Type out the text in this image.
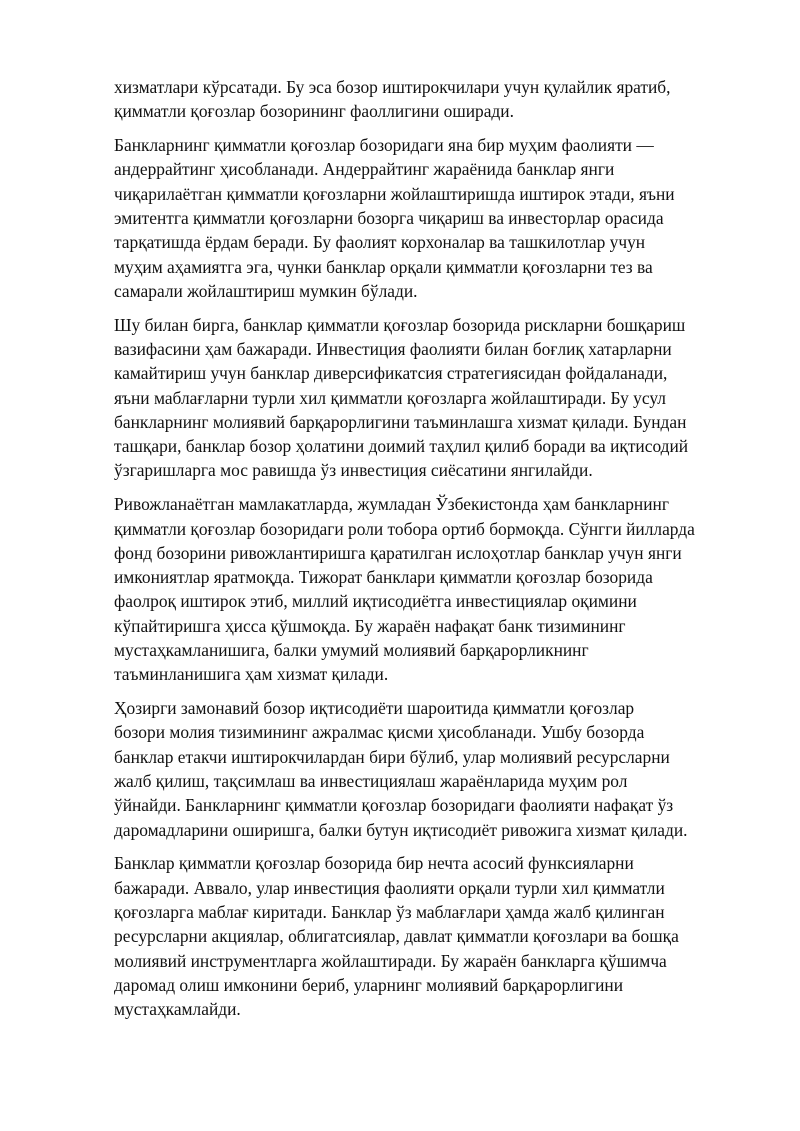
хизматлари кўрсатади. Бу эса бозор иштирокчилари учун қулайлик яратиб,
қимматли қоғозлар бозорининг фаоллигини оширади.

Банкларнинг қимматли қоғозлар бозоридаги яна бир муҳим фаолияти —
андеррайтинг ҳисобланади. Андеррайтинг жараёнида банклар янги
чиқарилаётган қимматли қоғозларни жойлаштиришда иштирок этади, яъни
эмитентга қимматли қоғозларни бозорга чиқариш ва инвесторлар орасида
тарқатишда ёрдам беради. Бу фаолият корхоналар ва ташкилотлар учун
муҳим аҳамиятга эга, чунки банклар орқали қимматли қоғозларни тез ва
самарали жойлаштириш мумкин бўлади.

Шу билан бирга, банклар қимматли қоғозлар бозорида рискларни бошқариш
вазифасини ҳам бажаради. Инвестиция фаолияти билан боғлиқ хатарларни
камайтириш учун банклар диверсификатсия стратегиясидан фойдаланади,
яъни маблағларни турли хил қимматли қоғозларга жойлаштиради. Бу усул
банкларнинг молиявий барқарорлигини таъминлашга хизмат қилади. Бундан
ташқари, банклар бозор ҳолатини доимий таҳлил қилиб боради ва иқтисодий
ўзгаришларга мос равишда ўз инвестиция сиёсатини янгилайди.

Ривожланаётган мамлакатларда, жумладан Ўзбекистонда ҳам банкларнинг
қимматли қоғозлар бозоридаги роли тобора ортиб бормоқда. Сўнгги йилларда
фонд бозорини ривожлантиришга қаратилган ислоҳотлар банклар учун янги
имкониятлар яратмоқда. Тижорат банклари қимматли қоғозлар бозорида
фаолроқ иштирок этиб, миллий иқтисодиётга инвестициялар оқимини
кўпайтиришга ҳисса қўшмоқда. Бу жараён нафақат банк тизимининг
мустаҳкамланишига, балки умумий молиявий барқарорликнинг
таъминланишига ҳам хизмат қилади.

Ҳозирги замонавий бозор иқтисодиёти шароитида қимматли қоғозлар
бозори молия тизимининг ажралмас қисми ҳисобланади. Ушбу бозорда
банклар етакчи иштирокчилардан бири бўлиб, улар молиявий ресурсларни
жалб қилиш, тақсимлаш ва инвестициялаш жараёнларида муҳим рол
ўйнайди. Банкларнинг қимматли қоғозлар бозоридаги фаолияти нафақат ўз
даромадларини оширишга, балки бутун иқтисодиёт ривожига хизмат қилади.

Банклар қимматли қоғозлар бозорида бир нечта асосий функсияларни
бажаради. Аввало, улар инвестиция фаолияти орқали турли хил қимматли
қоғозларга маблағ киритади. Банклар ўз маблағлари ҳамда жалб қилинган
ресурсларни акциялар, облигатсиялар, давлат қимматли қоғозлари ва бошқа
молиявий инструментларга жойлаштиради. Бу жараён банкларга қўшимча
даромад олиш имконини бериб, уларнинг молиявий барқарорлигини
мустаҳкамлайди.
